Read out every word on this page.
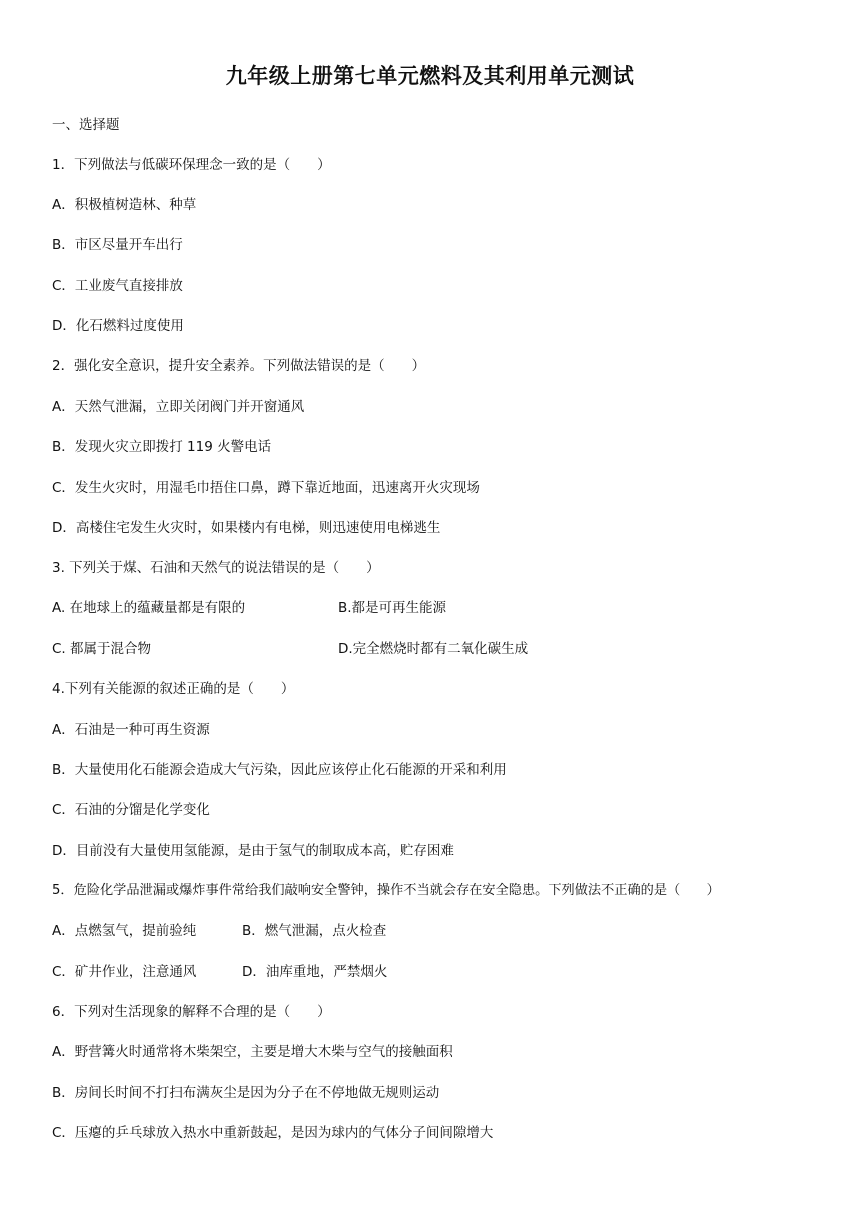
九年级上册第七单元燃料及其利用单元测试
一、选择题
1．下列做法与低碳环保理念一致的是（　　）
A．积极植树造林、种草
B．市区尽量开车出行
C．工业废气直接排放
D．化石燃料过度使用
2．强化安全意识，提升安全素养。下列做法错误的是（　　）
A．天然气泄漏，立即关闭阀门并开窗通风
B．发现火灾立即拨打 119 火警电话
C．发生火灾时，用湿毛巾捂住口鼻，蹲下靠近地面，迅速离开火灾现场
D．高楼住宅发生火灾时，如果楼内有电梯，则迅速使用电梯逃生
3. 下列关于煤、石油和天然气的说法错误的是（　　）
A. 在地球上的蕴藏量都是有限的	B.都是可再生能源
C. 都属于混合物	D.完全燃烧时都有二氧化碳生成
4.下列有关能源的叙述正确的是（　　）
A．石油是一种可再生资源
B．大量使用化石能源会造成大气污染，因此应该停止化石能源的开采和利用
C．石油的分馏是化学变化
D．目前没有大量使用氢能源，是由于氢气的制取成本高，贮存困难
5．危险化学品泄漏或爆炸事件常给我们敲响安全警钟，操作不当就会存在安全隐患。下列做法不正确的是（　　）
A．点燃氢气，提前验纯	B．燃气泄漏，点火检查
C．矿井作业，注意通风	D．油库重地，严禁烟火
6．下列对生活现象的解释不合理的是（　　）
A．野营篝火时通常将木柴架空，主要是增大木柴与空气的接触面积
B．房间长时间不打扫布满灰尘是因为分子在不停地做无规则运动
C．压瘪的乒乓球放入热水中重新鼓起，是因为球内的气体分子间间隙增大
